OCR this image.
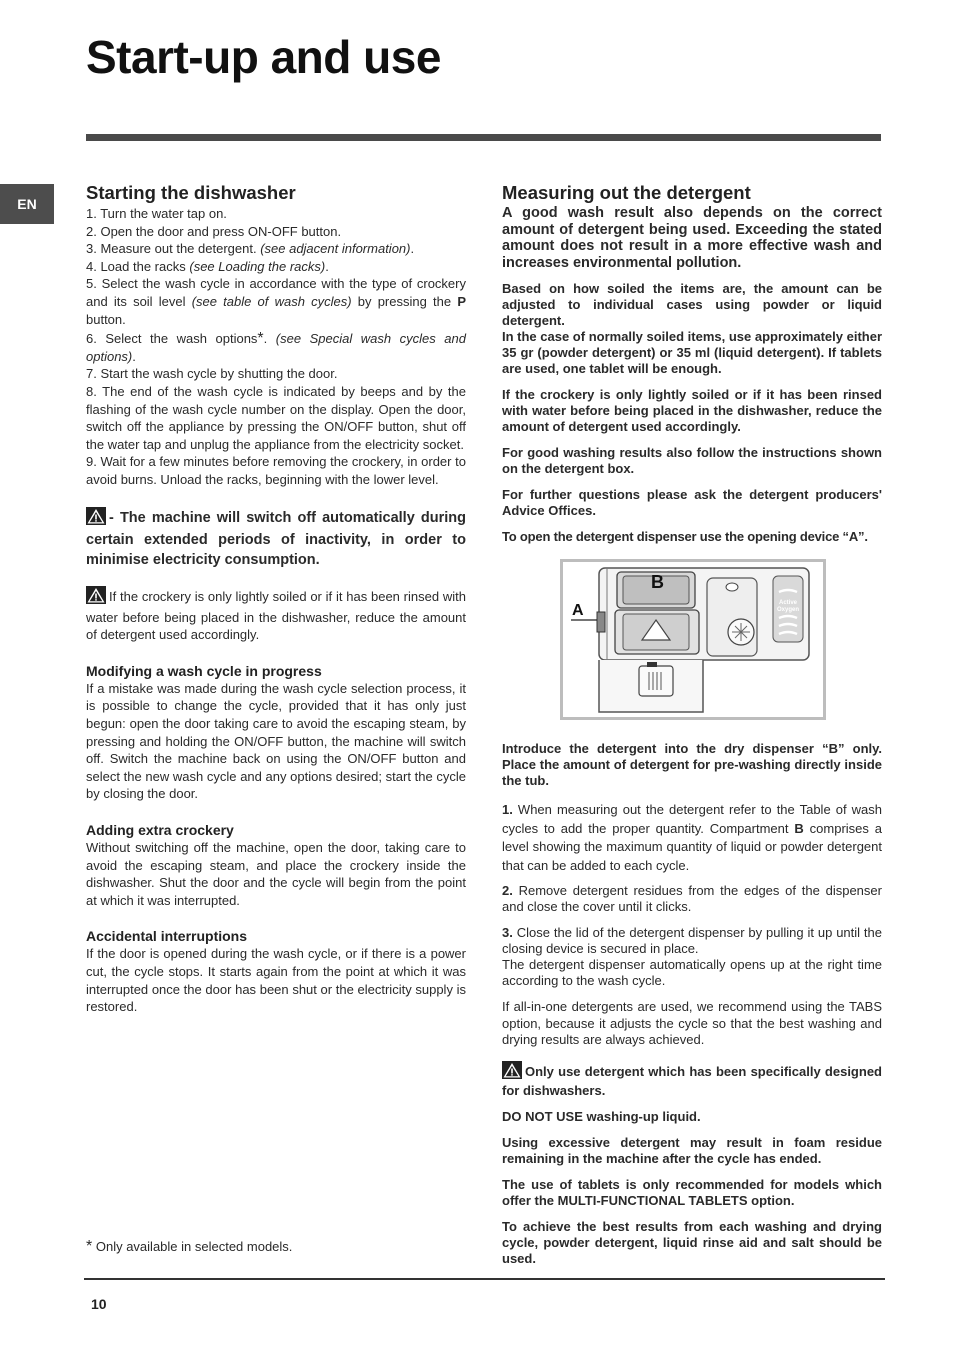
Start-up and use
EN
Starting the dishwasher
1. Turn the water tap on.
2. Open the door and press ON-OFF button.
3. Measure out the detergent. (see adjacent information).
4. Load the racks (see Loading the racks).
5. Select the wash cycle in accordance with the type of crockery and its soil level (see table of wash cycles) by pressing the P button.
6. Select the wash options*. (see Special wash cycles and options).
7. Start the wash cycle by shutting the door.
8. The end of the wash cycle is indicated by beeps and by the flashing of the wash cycle number on the display. Open the door, switch off the appliance by pressing the ON/OFF button, shut off the water tap and unplug the appliance from the electricity socket.
9. Wait for a few minutes before removing the crockery, in order to avoid burns. Unload the racks, beginning with the lower level.

- The machine will switch off automatically during certain extended periods of inactivity, in order to minimise electricity consumption.

If the crockery is only lightly soiled or if it has been rinsed with water before being placed in the dishwasher, reduce the amount of detergent used accordingly.

Modifying a wash cycle in progress

If a mistake was made during the wash cycle selection process, it is possible to change the cycle, provided that it has only just begun: open the door taking care to avoid the escaping steam, by pressing and holding the ON/OFF button, the machine will switch off. Switch the machine back on using the ON/OFF button and select the new wash cycle and any options desired; start the cycle by closing the door.

Adding extra crockery

Without switching off the machine, open the door, taking care to avoid the escaping steam, and place the crockery inside the dishwasher. Shut the door and the cycle will begin from the point at which it was interrupted.

Accidental interruptions

If the door is opened during the wash cycle, or if there is a power cut, the cycle stops. It starts again from the point at which it was interrupted once the door has been shut or the electricity supply is restored.

Measuring out the detergent

A good wash result also depends on the correct amount of detergent being used. Exceeding the stated amount does not result in a more effective wash and increases environmental pollution.

Based on how soiled the items are, the amount can be adjusted to individual cases using powder or liquid detergent.

In the case of normally soiled items, use approximately either 35 gr (powder detergent) or 35 ml (liquid detergent). If tablets are used, one tablet will be enough.

If the crockery is only lightly soiled or if it has been rinsed with water before being placed in the dishwasher, reduce the amount of detergent used accordingly.

For good washing results also follow the instructions shown on the detergent box.

For further questions please ask the detergent producers' Advice Offices.

To open the detergent dispenser use the opening device “A”.

A
B
Active Oxygen

Introduce the detergent into the dry dispenser “B” only. Place the amount of detergent for pre-washing directly inside the tub.

1. When measuring out the detergent refer to the Table of wash cycles to add the proper quantity. Compartment B comprises a level showing the maximum quantity of liquid or powder detergent that can be added to each cycle.

2. Remove detergent residues from the edges of the dispenser and close the cover until it clicks.

3. Close the lid of the detergent dispenser by pulling it up until the closing device is secured in place.

The detergent dispenser automatically opens up at the right time according to the wash cycle.

If all-in-one detergents are used, we recommend using the TABS option, because it adjusts the cycle so that the best washing and drying results are always achieved.

Only use detergent which has been specifically designed for dishwashers.

DO NOT USE washing-up liquid.

Using excessive detergent may result in foam residue remaining in the machine after the cycle has ended.

The use of tablets is only recommended for models which offer the MULTI-FUNCTIONAL TABLETS option.

To achieve the best results from each washing and drying cycle, powder detergent, liquid rinse aid and salt should be used.

* Only available in selected models.
10
